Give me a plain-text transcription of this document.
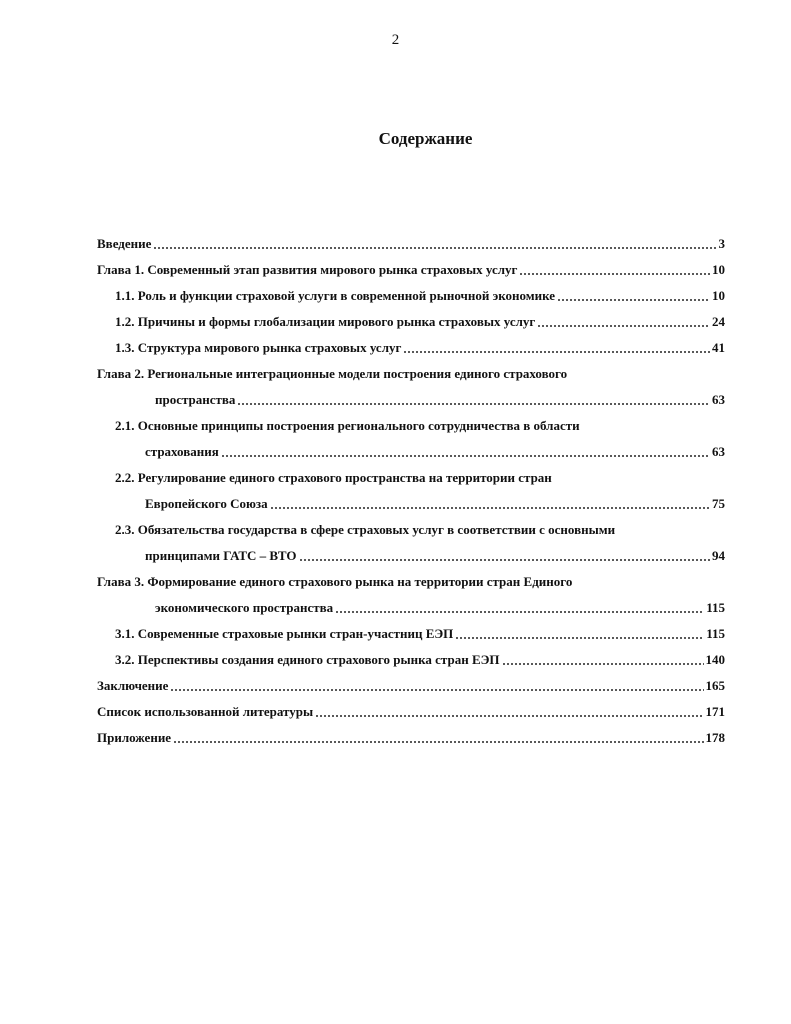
2
Содержание
Введение	3
Глава 1. Современный этап развития мирового рынка страховых услуг	10
1.1. Роль и функции страховой услуги в современной рыночной экономике	10
1.2. Причины и формы глобализации мирового рынка страховых услуг	24
1.3. Структура мирового рынка страховых услуг	41
Глава 2. Региональные интеграционные модели построения единого страхового
пространства	63
2.1. Основные принципы построения регионального сотрудничества в области
страхования	63
2.2. Регулирование единого страхового пространства на территории стран
Европейского Союза	75
2.3. Обязательства государства в сфере страховых услуг в соответствии с основными
принципами ГАТС – ВТО	94
Глава 3. Формирование единого страхового рынка на территории стран Единого
экономического пространства	115
3.1. Современные страховые рынки стран-участниц ЕЭП	115
3.2. Перспективы создания единого страхового рынка стран ЕЭП	140
Заключение	165
Список использованной литературы	171
Приложение	178
